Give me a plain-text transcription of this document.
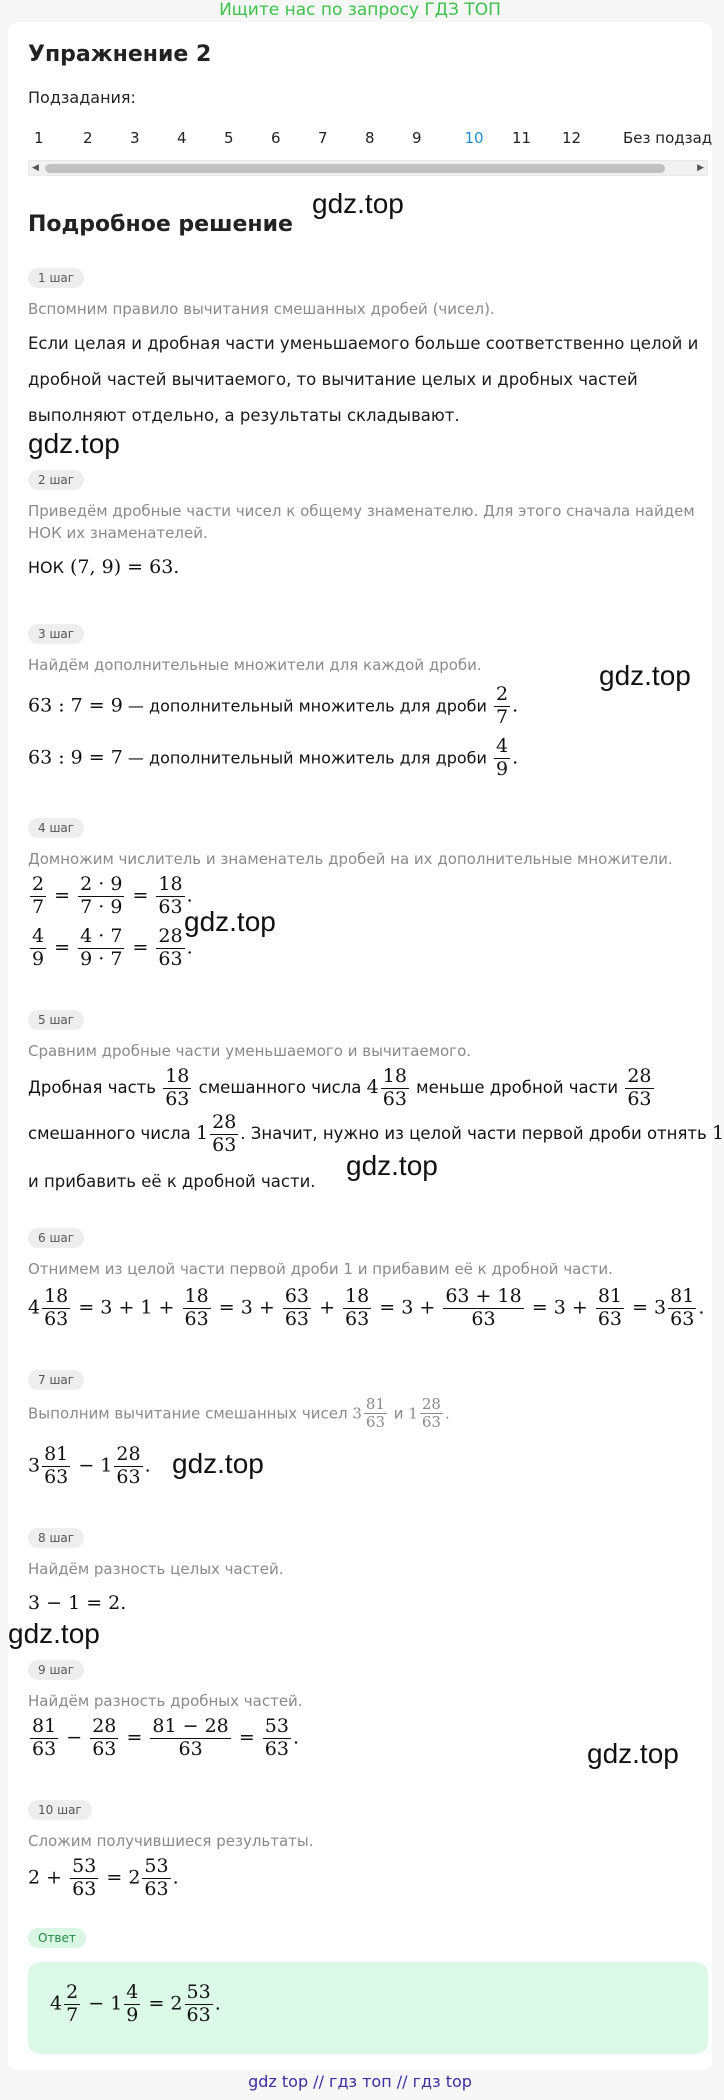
Ищите нас по запросу ГДЗ ТОП
Упражнение 2
Подзадания:
1	2 3 4 5 6 7 8 9	10	11 12	Без подзад
◀	▶
Подробное решение
gdz.top
gdz.top
gdz.top
gdz.top
gdz.top
gdz.top
gdz.top
gdz.top
1 шаг
Вспомним правило вычитания смешанных дробей (чисел).
Если целая и дробная части уменьшаемого больше соответственно целой и дробной частей вычитаемого, то вычитание целых и дробных частей выполняют отдельно, а результаты складывают.
2 шаг
Приведём дробные части чисел к общему знаменателю. Для этого сначала найдем НОК их знаменателей.
НОК (7, 9) = 63.
3 шаг
Найдём дополнительные множители для каждой дроби.
63 : 7 = 9 — дополнительный множитель для дроби $\frac{2}{7}$ .
63 : 9 = 7 — дополнительный множитель для дроби $\frac{4}{9}$ .
4 шаг
Домножим числитель и знаменатель дробей на их дополнительные множители.
$\frac{2}{7} = \frac{2 \cdot 9}{7 \cdot 9} = \frac{18}{63}$ .
$\frac{4}{9} = \frac{4 \cdot 7}{9 \cdot 7} = \frac{28}{63}$ .
5 шаг
Сравним дробные части уменьшаемого и вычитаемого.
Дробная часть $\frac{18}{63}$ смешанного числа $4 \frac{18}{63}$ меньше дробной части $\frac{28}{63}$
смешанного числа $1 \frac{28}{63}$ . Значит, нужно из целой части первой дроби отнять 1
и прибавить её к дробной части.
6 шаг
Отнимем из целой части первой дроби 1 и прибавим её к дробной части.
$4 \frac{18}{63} = 3 + 1 + \frac{18}{63} = 3 + \frac{63}{63} + \frac{18}{63} = 3 + \frac{63 + 18}{63} = 3 + \frac{81}{63} = 3 \frac{81}{63}$ .
7 шаг
Выполним вычитание смешанных чисел $3 \frac{81}{63}$ и $1 \frac{28}{63}$ .
$3 \frac{81}{63} - 1 \frac{28}{63}$ .
8 шаг
Найдём разность целых частей.
3 − 1 = 2.
9 шаг
Найдём разность дробных частей.
$\frac{81}{63} - \frac{28}{63} = \frac{81 - 28}{63} = \frac{53}{63}$ .
10 шаг
Сложим получившиеся результаты.
$2 + \frac{53}{63} = 2 \frac{53}{63}$ .
Ответ
$4 \frac{2}{7} - 1 \frac{4}{9} = 2 \frac{53}{63}$ .
gdz top // гдз топ // гдз top
